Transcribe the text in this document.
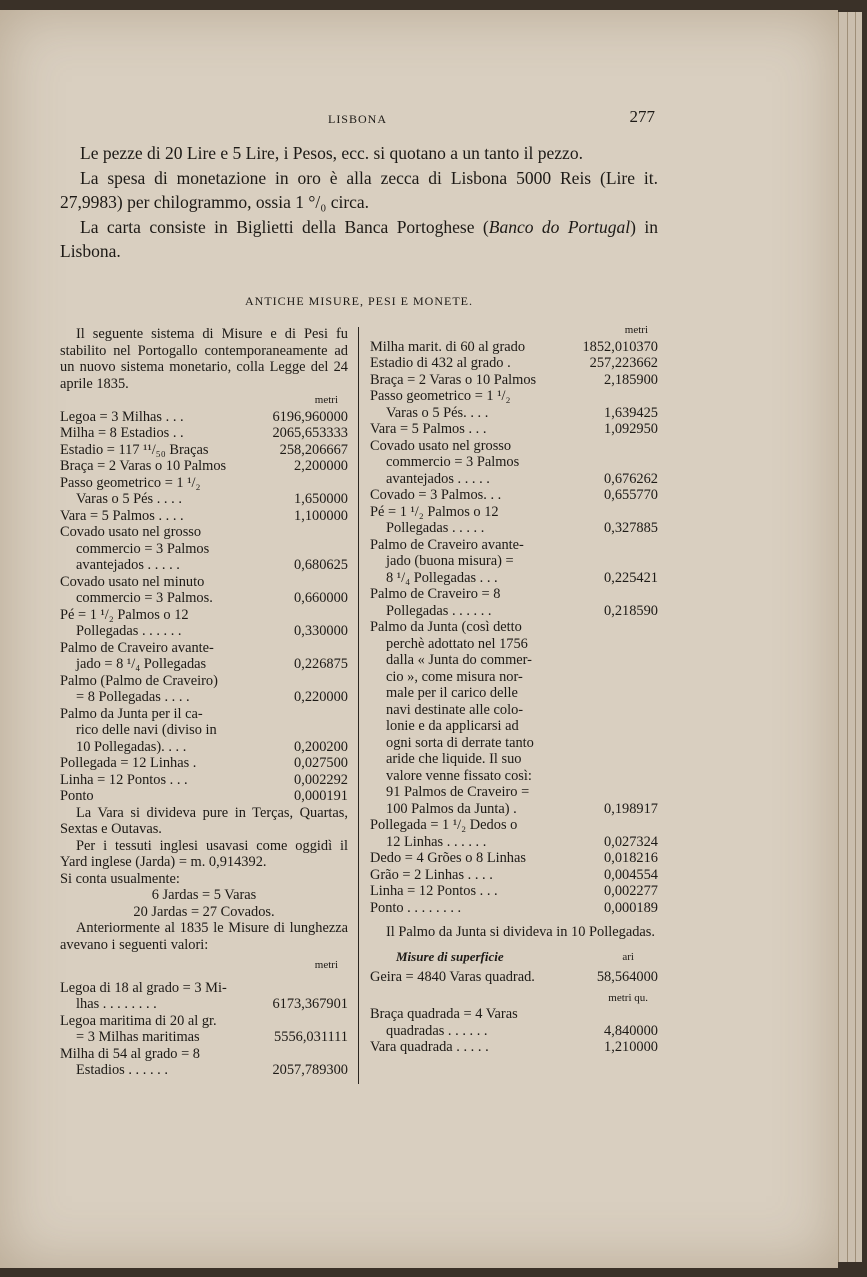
LISBONA	277

Le pezze di 20 Lire e 5 Lire, i Pesos, ecc. si quotano a un tanto il pezzo.

La spesa di monetazione in oro è alla zecca di Lisbona 5000 Reis (Lire it. 27,9983) per chilogrammo, ossia 1 °/₀ circa.

La carta consiste in Biglietti della Banca Portoghese (Banco do Portugal) in Lisbona.

ANTICHE MISURE, PESI E MONETE.

Il seguente sistema di Misure e di Pesi fu stabilito nel Portogallo contemporaneamente ad un nuovo sistema monetario, colla Legge del 24 aprile 1835.

metri
Legoa = 3 Milhas . . .	6196,960000
Milha = 8 Estadios . .	2065,653333
Estadio = 117 ¹¹/₅₀ Braças	258,206667
Braça = 2 Varas o 10 Palmos	2,200000
Passo geometrico = 1 ¹/₂
Varas o 5 Pés . . . .	1,650000
Vara = 5 Palmos . . . .	1,100000
Covado usato nel grosso
commercio = 3 Palmos
avantejados . . . . .	0,680625
Covado usato nel minuto
commercio = 3 Palmos.	0,660000
Pé = 1 ¹/₂ Palmos o 12
Pollegadas . . . . . .	0,330000
Palmo de Craveiro avante-
jado = 8 ¹/₄ Pollegadas	0,226875
Palmo (Palmo de Craveiro)
= 8 Pollegadas . . . .	0,220000
Palmo da Junta per il ca-
rico delle navi (diviso in
10 Pollegadas). . . .	0,200200
Pollegada = 12 Linhas .	0,027500
Linha = 12 Pontos . . .	0,002292
Ponto	0,000191

La Vara si divideva pure in Terças, Quartas, Sextas e Outavas.

Per i tessuti inglesi usavasi come oggidì il Yard inglese (Jarda) = m. 0,914392.

Si conta usualmente:

6 Jardas = 5 Varas
20 Jardas = 27 Covados.

Anteriormente al 1835 le Misure di lunghezza avevano i seguenti valori:

metri
Legoa di 18 al grado = 3 Mi-
lhas . . . . . . . .	6173,367901
Legoa maritima di 20 al gr.
= 3 Milhas maritimas	5556,031111
Milha di 54 al grado = 8
Estadios . . . . . .	2057,789300
metri
Milha marit. di 60 al grado	1852,010370
Estadio di 432 al grado .	257,223662
Braça = 2 Varas o 10 Palmos	2,185900
Passo geometrico = 1 ¹/₂
Varas o 5 Pés. . . .	1,639425
Vara = 5 Palmos . . .	1,092950
Covado usato nel grosso
commercio = 3 Palmos
avantejados . . . . .	0,676262
Covado = 3 Palmos. . .	0,655770
Pé = 1 ¹/₂ Palmos o 12
Pollegadas . . . . .	0,327885
Palmo de Craveiro avante-
jado (buona misura) =
8 ¹/₄ Pollegadas . . .	0,225421
Palmo de Craveiro = 8
Pollegadas . . . . . .	0,218590
Palmo da Junta (così detto
perchè adottato nel 1756
dalla « Junta do commer-
cio », come misura nor-
male per il carico delle
navi destinate alle colo-
lonie e da applicarsi ad
ogni sorta di derrate tanto
aride che liquide. Il suo
valore venne fissato così:
91 Palmos de Craveiro =
100 Palmos da Junta) .	0,198917
Pollegada = 1 ¹/₂ Dedos o
12 Linhas . . . . . .	0,027324
Dedo = 4 Grões o 8 Linhas	0,018216
Grão = 2 Linhas . . . .	0,004554
Linha = 12 Pontos . . .	0,002277
Ponto . . . . . . . .	0,000189

Il Palmo da Junta si divideva in 10 Pollegadas.

Misure di superficie	ari
Geira = 4840 Varas quadrad.	58,564000
metri qu.
Braça quadrada = 4 Varas
quadradas . . . . . .	4,840000
Vara quadrada . . . . .	1,210000
